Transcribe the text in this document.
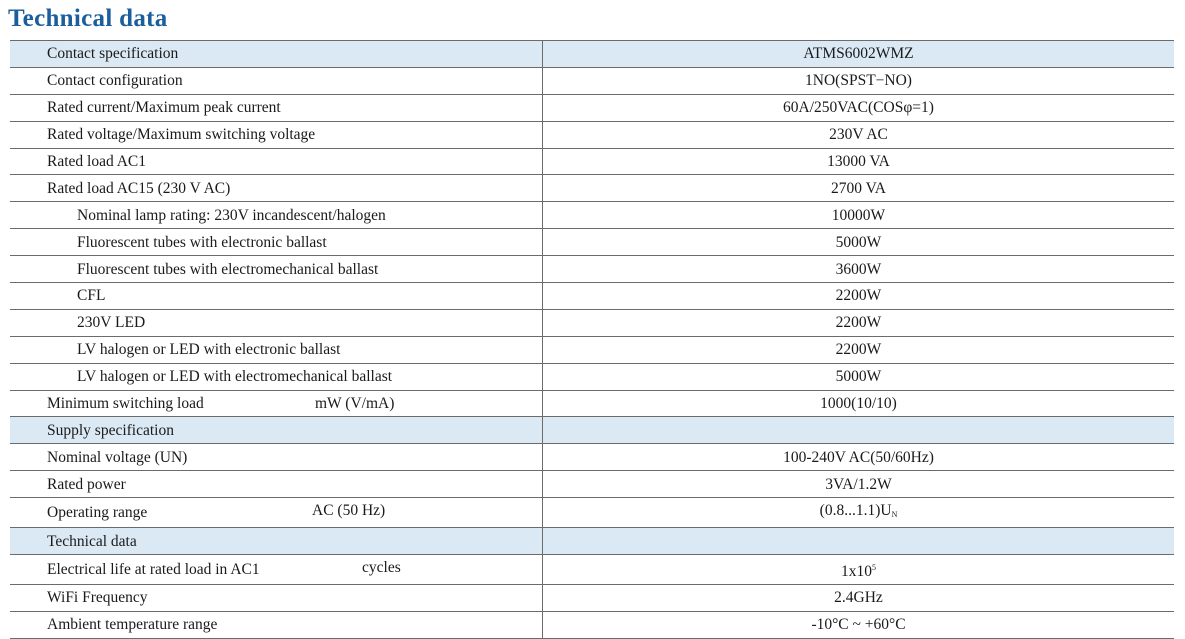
Technical data
Contact specification	ATMS6002WMZ
Contact configuration	1NO(SPST−NO)
Rated current/Maximum peak current	60A/250VAC(COSφ=1)
Rated voltage/Maximum switching voltage	230V AC
Rated load AC1	13000 VA
Rated load AC15 (230 V AC)	2700 VA
Nominal lamp rating: 230V incandescent/halogen	10000W
Fluorescent tubes with electronic ballast	5000W
Fluorescent tubes with electromechanical ballast	3600W
CFL	2200W
230V LED	2200W
LV halogen or LED with electronic ballast	2200W
LV halogen or LED with electromechanical ballast	5000W
Minimum switching load mW (V/mA)	1000(10/10)
Supply specification	
Nominal voltage (UN)	100-240V AC(50/60Hz)
Rated power	3VA/1.2W
Operating range AC (50 Hz)	$(0.8...1.1)U_N$
Technical data	
Electrical life at rated load in AC1 cycles	$1x10^5$
WiFi Frequency	2.4GHz
Ambient temperature range	-10°C ~ +60°C
